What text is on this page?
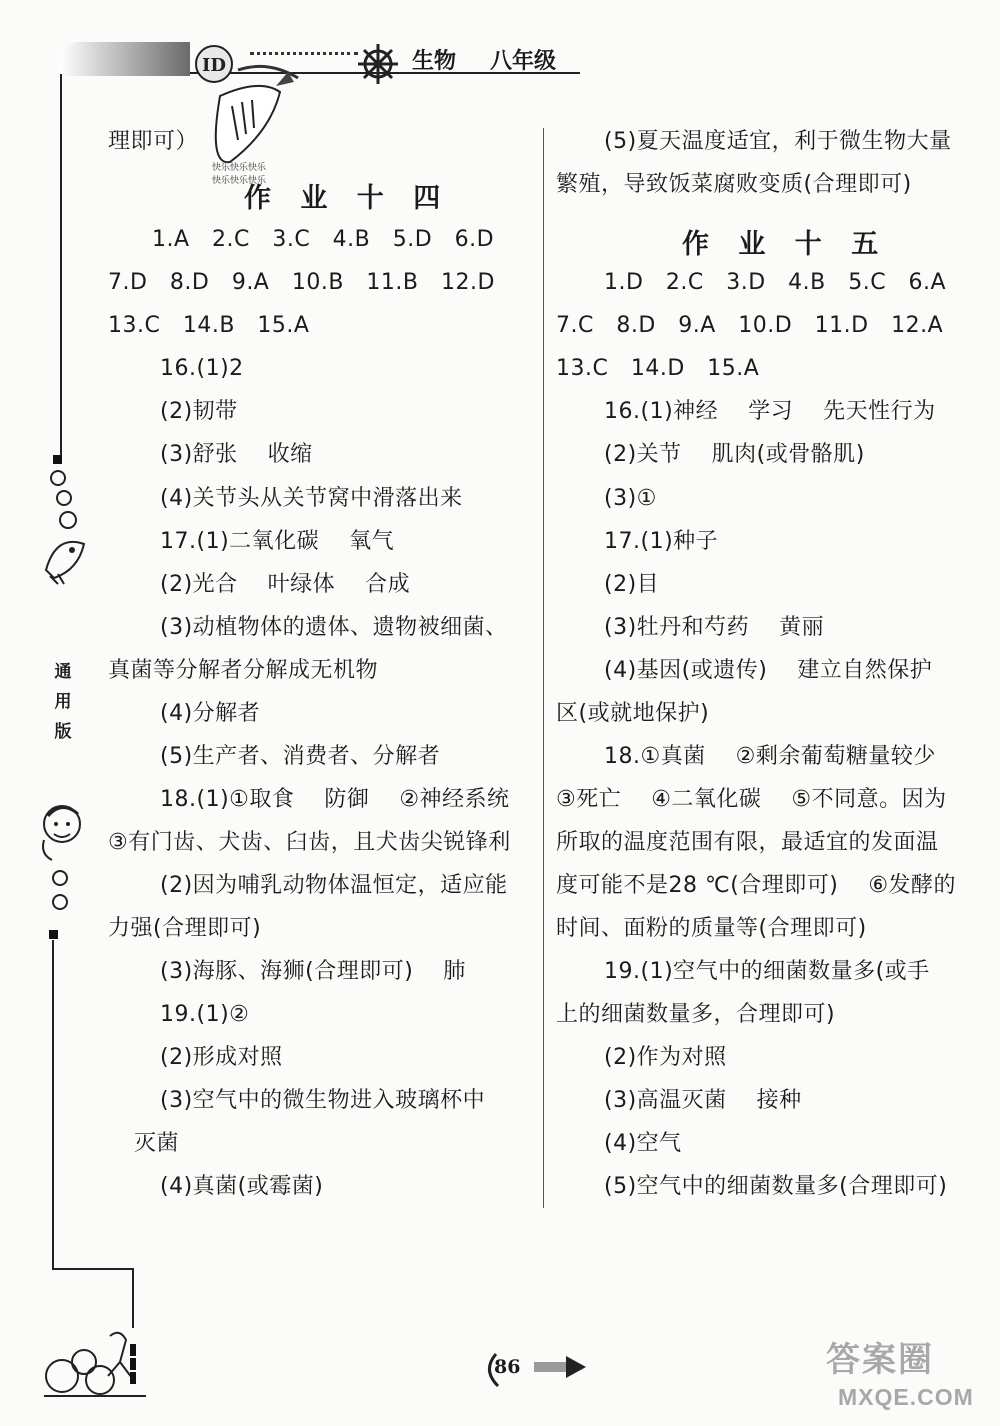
ID
快乐快乐快乐
快乐快乐快乐
生物 八年级
通
用
版
理即可）
作 业 十 四
1.A   2.C   3.C   4.B   5.D   6.D
7.D   8.D   9.A   10.B   11.B   12.D
13.C   14.B   15.A
16.(1)2
(2)韧带
(3)舒张    收缩
(4)关节头从关节窝中滑落出来
17.(1)二氧化碳    氧气
(2)光合    叶绿体    合成
(3)动植物体的遗体、遗物被细菌、
真菌等分解者分解成无机物
(4)分解者
(5)生产者、消费者、分解者
18.(1)①取食    防御    ②神经系统
③有门齿、犬齿、臼齿，且犬齿尖锐锋利
(2)因为哺乳动物体温恒定，适应能
力强(合理即可)
(3)海豚、海狮(合理即可)    肺
19.(1)②
(2)形成对照
(3)空气中的微生物进入玻璃杯中
灭菌
(4)真菌(或霉菌)
(5)夏天温度适宜，利于微生物大量
繁殖，导致饭菜腐败变质(合理即可)
作 业 十 五
1.D   2.C   3.D   4.B   5.C   6.A
7.C   8.D   9.A   10.D   11.D   12.A
13.C   14.D   15.A
16.(1)神经    学习    先天性行为
(2)关节    肌肉(或骨骼肌)
(3)①
17.(1)种子
(2)目
(3)牡丹和芍药    黄丽
(4)基因(或遗传)    建立自然保护
区(或就地保护)
18.①真菌    ②剩余葡萄糖量较少
③死亡    ④二氧化碳    ⑤不同意。因为
所取的温度范围有限，最适宜的发面温
度可能不是28 ℃(合理即可)    ⑥发酵的
时间、面粉的质量等(合理即可)
19.(1)空气中的细菌数量多(或手
上的细菌数量多，合理即可)
(2)作为对照
(3)高温灭菌    接种
(4)空气
(5)空气中的细菌数量多(合理即可)
86	答案圈
MXQE.COM
